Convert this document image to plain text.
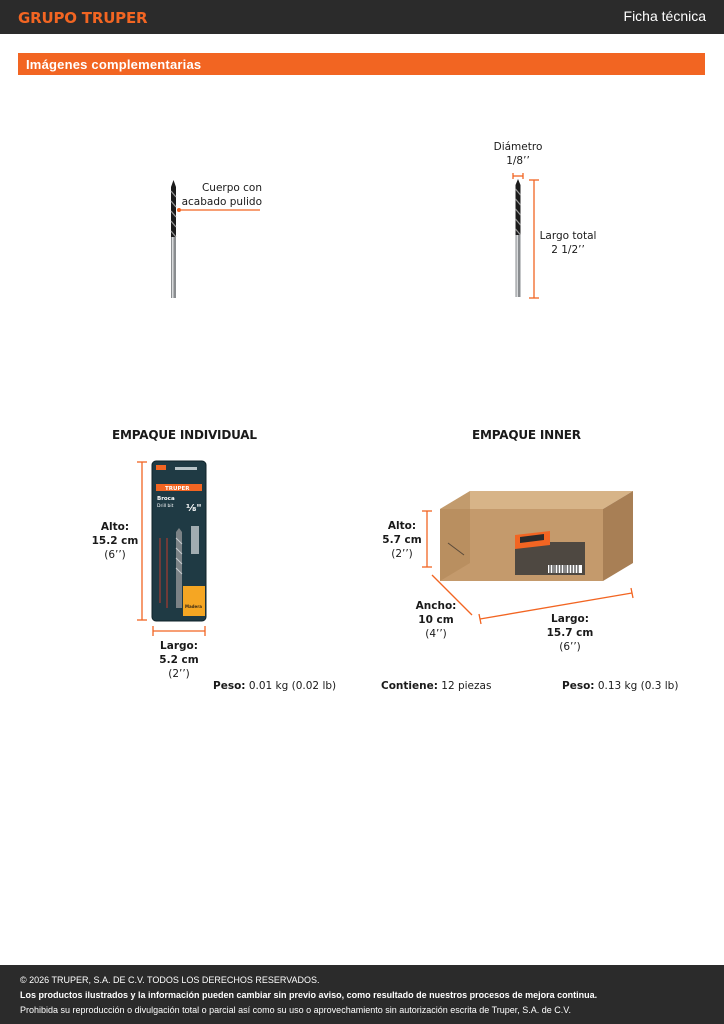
GRUPO TRUPER	Ficha técnica
Imágenes complementarias
Cuerpo con
acabado pulido
Diámetro
1/8’’
Largo total
2 1/2’’
EMPAQUE INDIVIDUAL
TRUPER
Broca
Drill bit ⅛"
Madera
Alto:
15.2 cm
(6’’)
Largo:
5.2 cm
(2’’)
Peso: 0.01 kg (0.02 lb)
EMPAQUE INNER
Alto:
5.7 cm
(2’’)
Ancho:
10 cm
(4’’)
Largo:
15.7 cm
(6’’)
Contiene: 12 piezas	Peso: 0.13 kg (0.3 lb)
© 2026 TRUPER, S.A. DE C.V. TODOS LOS DERECHOS RESERVADOS.
Los productos ilustrados y la información pueden cambiar sin previo aviso, como resultado de nuestros procesos de mejora continua.
Prohibida su reproducción o divulgación total o parcial así como su uso o aprovechamiento sin autorización escrita de Truper, S.A. de C.V.
